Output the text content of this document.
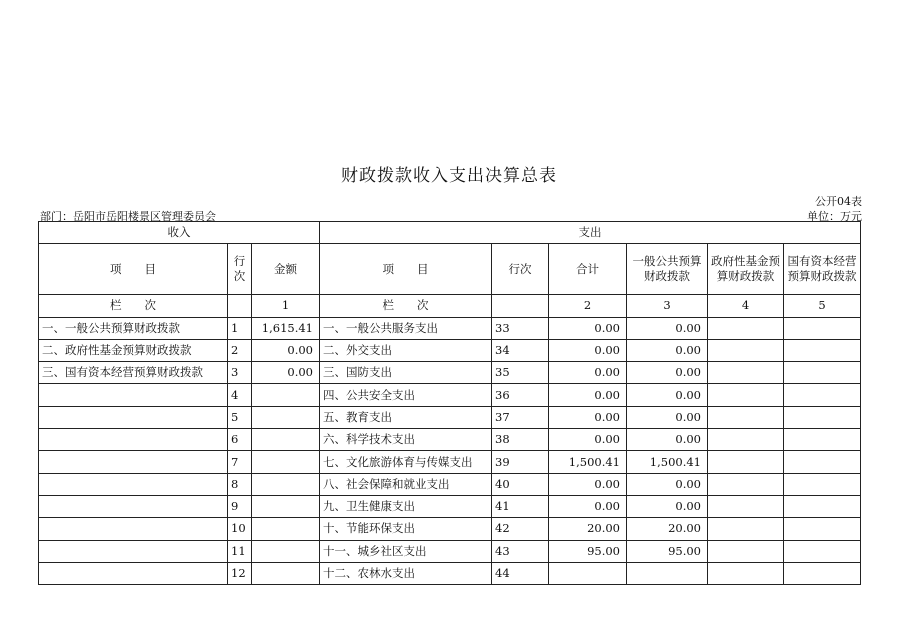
财政拨款收入支出决算总表
公开04表
部门：岳阳市岳阳楼景区管理委员会	单位：万元
收入			支出					
项　　目	行次	金额	项　　目	行次	合计	一般公共预算财政拨款	政府性基金预算财政拨款	国有资本经营预算财政拨款
栏　　次		1	栏　　次		2	3	4	5
一、一般公共预算财政拨款	1	1,615.41	一、一般公共服务支出	33	0.00	0.00		
二、政府性基金预算财政拨款	2	0.00	二、外交支出	34	0.00	0.00		
三、国有资本经营预算财政拨款	3	0.00	三、国防支出	35	0.00	0.00		
	4		四、公共安全支出	36	0.00	0.00		
	5		五、教育支出	37	0.00	0.00		
	6		六、科学技术支出	38	0.00	0.00		
	7		七、文化旅游体育与传媒支出	39	1,500.41	1,500.41		
	8		八、社会保障和就业支出	40	0.00	0.00		
	9		九、卫生健康支出	41	0.00	0.00		
	10		十、节能环保支出	42	20.00	20.00		
	11		十一、城乡社区支出	43	95.00	95.00		
	12		十二、农林水支出	44				
